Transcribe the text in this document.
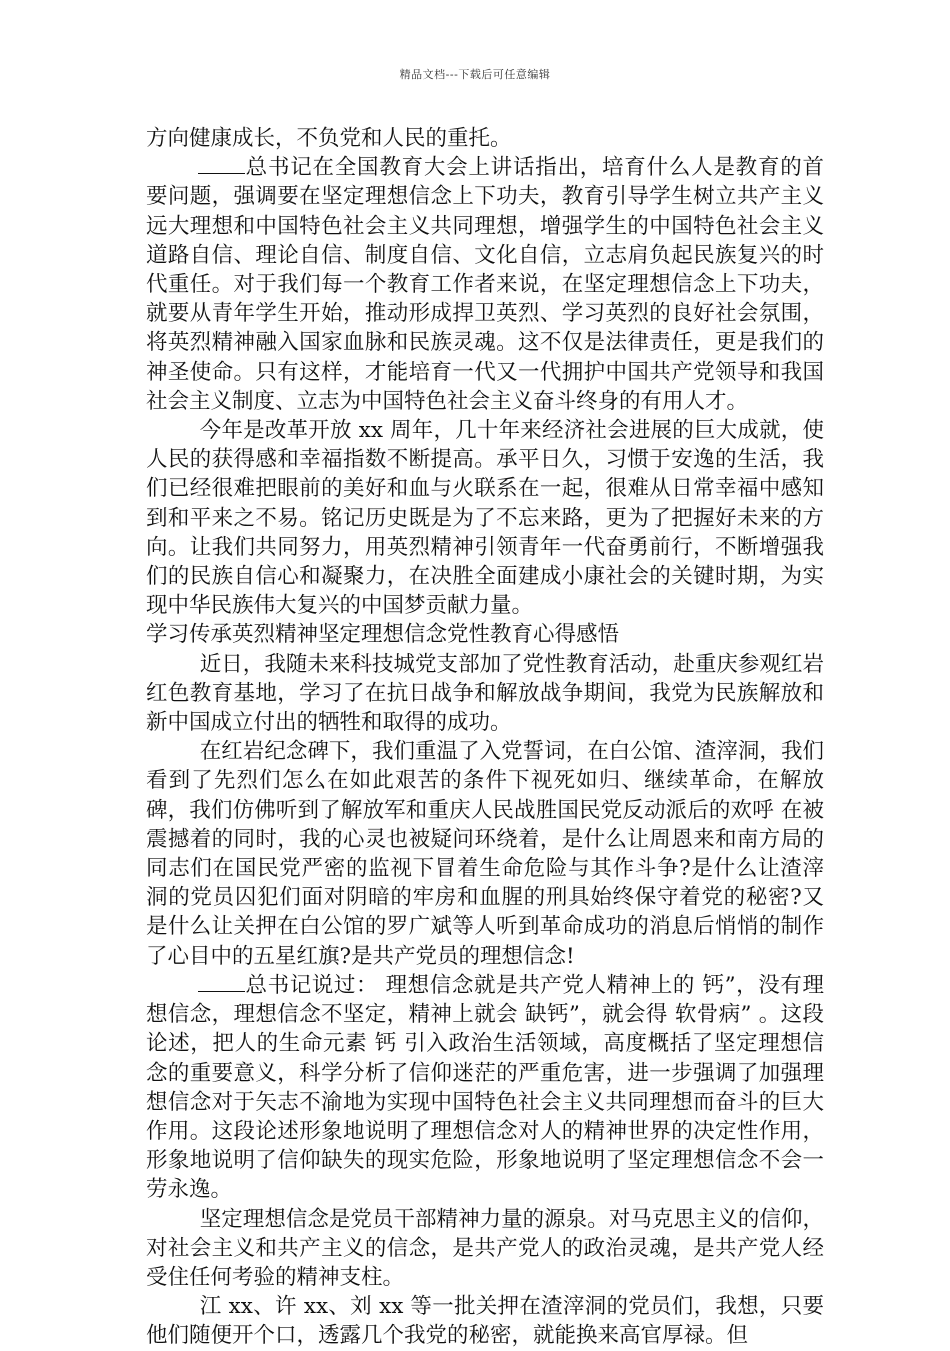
精品文档---下载后可任意编辑

方向健康成长，不负党和人民的重托。

总书记在全国教育大会上讲话指出，培育什么人是教育的首要问题，强调要在坚定理想信念上下功夫，教育引导学生树立共产主义远大理想和中国特色社会主义共同理想，增强学生的中国特色社会主义道路自信、理论自信、制度自信、文化自信，立志肩负起民族复兴的时代重任。对于我们每一个教育工作者来说，在坚定理想信念上下功夫，就要从青年学生开始，推动形成捍卫英烈、学习英烈的良好社会氛围，将英烈精神融入国家血脉和民族灵魂。这不仅是法律责任，更是我们的神圣使命。只有这样，才能培育一代又一代拥护中国共产党领导和我国社会主义制度、立志为中国特色社会主义奋斗终身的有用人才。

今年是改革开放 xx 周年，几十年来经济社会进展的巨大成就，使人民的获得感和幸福指数不断提高。承平日久，习惯于安逸的生活，我们已经很难把眼前的美好和血与火联系在一起，很难从日常幸福中感知到和平来之不易。铭记历史既是为了不忘来路，更为了把握好未来的方向。让我们共同努力，用英烈精神引领青年一代奋勇前行，不断增强我们的民族自信心和凝聚力，在决胜全面建成小康社会的关键时期，为实现中华民族伟大复兴的中国梦贡献力量。

学习传承英烈精神坚定理想信念党性教育心得感悟

近日，我随未来科技城党支部加了党性教育活动，赴重庆参观红岩红色教育基地，学习了在抗日战争和解放战争期间，我党为民族解放和新中国成立付出的牺牲和取得的成功。

在红岩纪念碑下，我们重温了入党誓词，在白公馆、渣滓洞，我们看到了先烈们怎么在如此艰苦的条件下视死如归、继续革命，在解放碑，我们仿佛听到了解放军和重庆人民战胜国民党反动派后的欢呼 在被震撼着的同时，我的心灵也被疑问环绕着，是什么让周恩来和南方局的同志们在国民党严密的监视下冒着生命危险与其作斗争?是什么让渣滓洞的党员囚犯们面对阴暗的牢房和血腥的刑具始终保守着党的秘密?又是什么让关押在白公馆的罗广斌等人听到革命成功的消息后悄悄的制作了心目中的五星红旗?是共产党员的理想信念!

总书记说过： 理想信念就是共产党人精神上的 钙”，没有理想信念，理想信念不坚定，精神上就会 缺钙”，就会得 软骨病” 。这段论述，把人的生命元素 钙 引入政治生活领域，高度概括了坚定理想信念的重要意义，科学分析了信仰迷茫的严重危害，进一步强调了加强理想信念对于矢志不渝地为实现中国特色社会主义共同理想而奋斗的巨大作用。这段论述形象地说明了理想信念对人的精神世界的决定性作用，形象地说明了信仰缺失的现实危险，形象地说明了坚定理想信念不会一劳永逸。

坚定理想信念是党员干部精神力量的源泉。对马克思主义的信仰，对社会主义和共产主义的信念，是共产党人的政治灵魂，是共产党人经受住任何考验的精神支柱。

江 xx、许 xx、刘 xx 等一批关押在渣滓洞的党员们，我想，只要他们随便开个口，透露几个我党的秘密，就能换来高官厚禄。但
